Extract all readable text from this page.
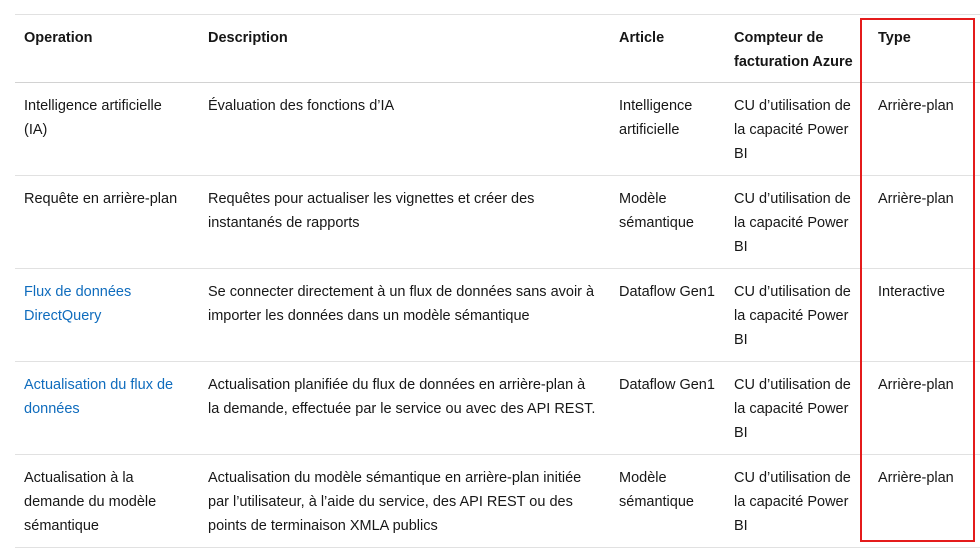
Operation	Description	Article	Compteur de facturation Azure	Type
Intelligence artificielle (IA)	Évaluation des fonctions d’IA	Intelligence artificielle	CU d’utilisation de la capacité Power BI	Arrière-plan
Requête en arrière-plan	Requêtes pour actualiser les vignettes et créer des instantanés de rapports	Modèle sémantique	CU d’utilisation de la capacité Power BI	Arrière-plan
Flux de données DirectQuery	Se connecter directement à un flux de données sans avoir à importer les données dans un modèle sémantique	Dataflow Gen1	CU d’utilisation de la capacité Power BI	Interactive
Actualisation du flux de données	Actualisation planifiée du flux de données en arrière-plan à la demande, effectuée par le service ou avec des API REST.	Dataflow Gen1	CU d’utilisation de la capacité Power BI	Arrière-plan
Actualisation à la demande du modèle sémantique	Actualisation du modèle sémantique en arrière-plan initiée par l’utilisateur, à l’aide du service, des API REST ou des points de terminaison XMLA publics	Modèle sémantique	CU d’utilisation de la capacité Power BI	Arrière-plan
